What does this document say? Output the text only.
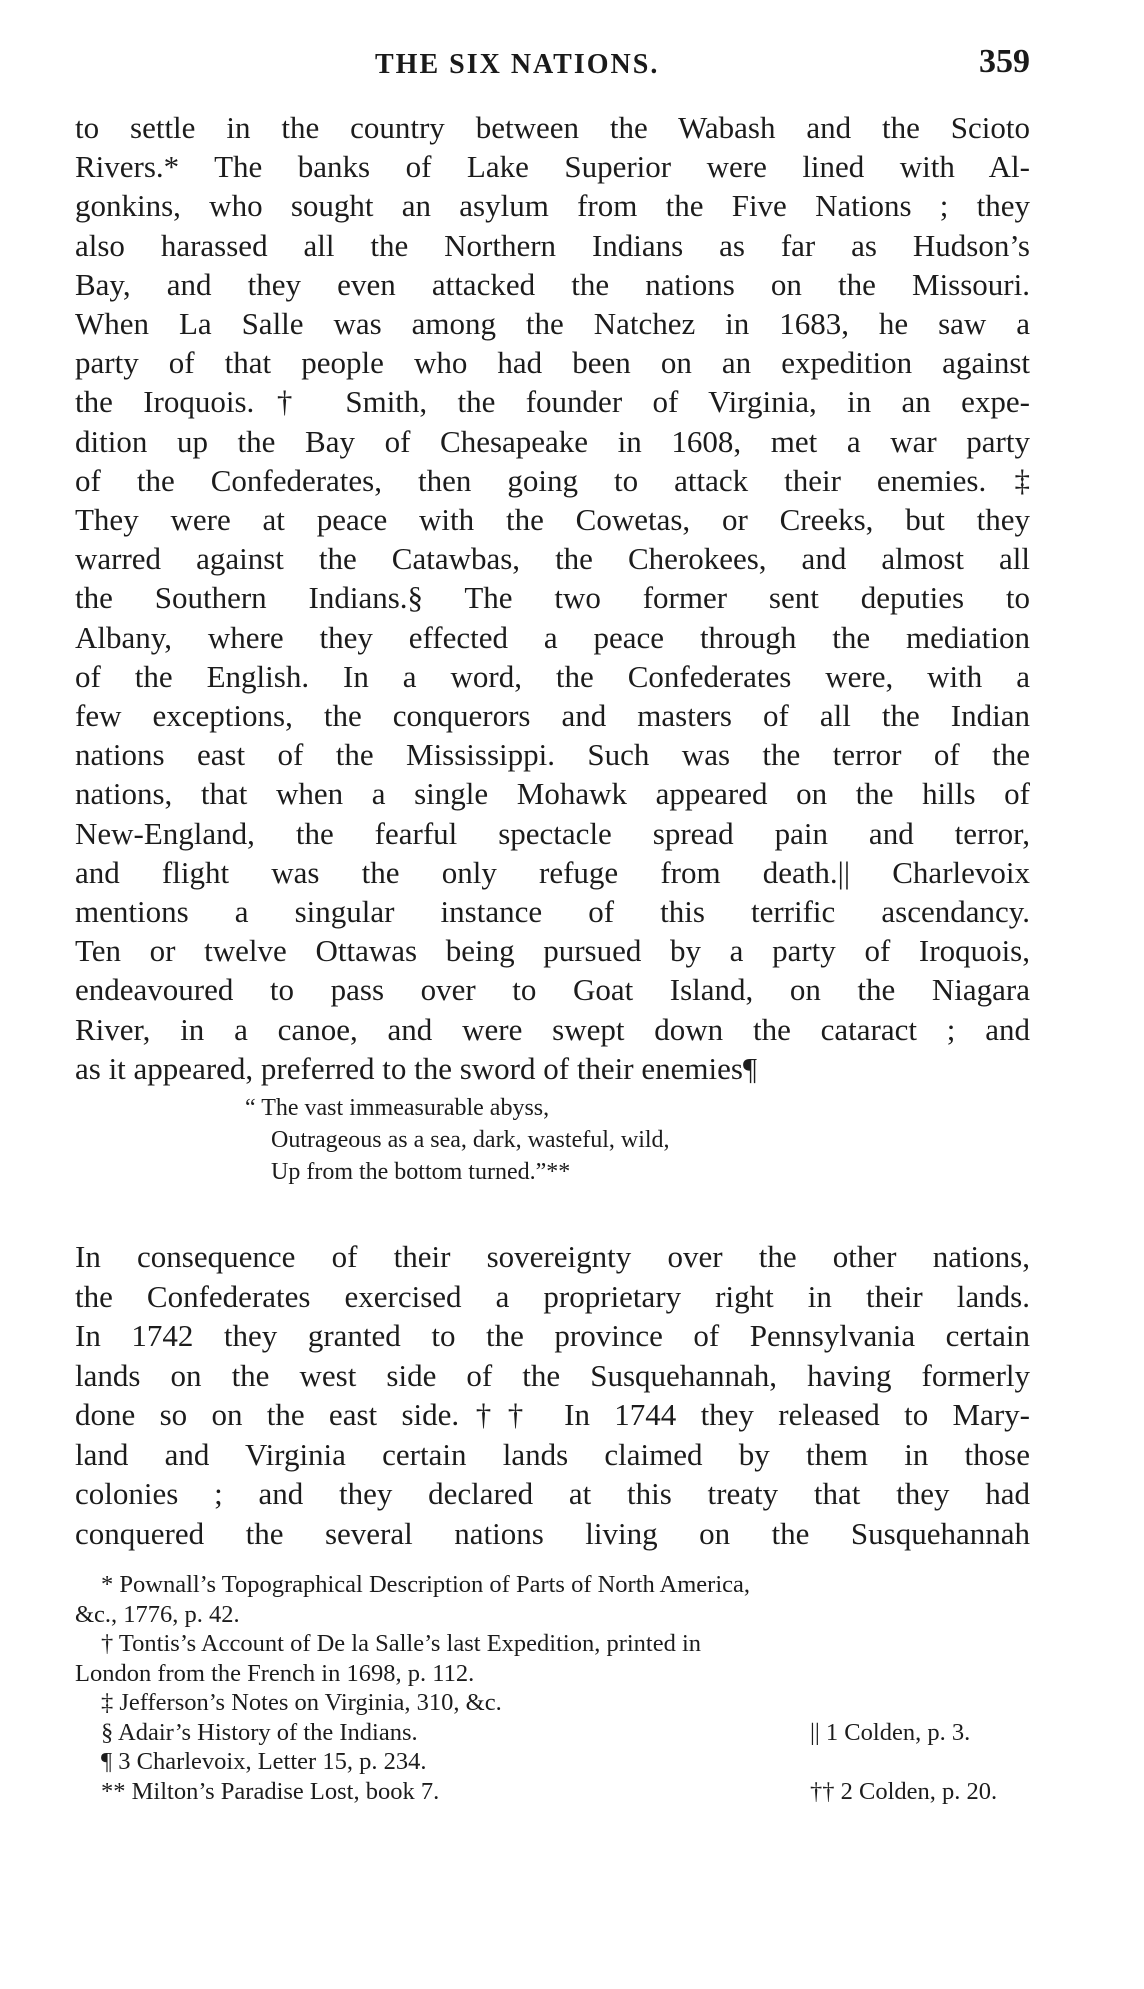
THE SIX NATIONS.	359
to settle in the country between the Wabash and the Scioto
Rivers.* The banks of Lake Superior were lined with Al-
gonkins, who sought an asylum from the Five Nations ; they
also harassed all the Northern Indians as far as Hudson’s
Bay, and they even attacked the nations on the Missouri.
When La Salle was among the Natchez in 1683, he saw a
party of that people who had been on an expedition against
the Iroquois.† Smith, the founder of Virginia, in an expe-
dition up the Bay of Chesapeake in 1608, met a war party
of the Confederates, then going to attack their enemies.‡
They were at peace with the Cowetas, or Creeks, but they
warred against the Catawbas, the Cherokees, and almost all
the Southern Indians.§ The two former sent deputies to
Albany, where they effected a peace through the mediation
of the English. In a word, the Confederates were, with a
few exceptions, the conquerors and masters of all the Indian
nations east of the Mississippi. Such was the terror of the
nations, that when a single Mohawk appeared on the hills of
New-England, the fearful spectacle spread pain and terror,
and flight was the only refuge from death.|| Charlevoix
mentions a singular instance of this terrific ascendancy.
Ten or twelve Ottawas being pursued by a party of Iroquois,
endeavoured to pass over to Goat Island, on the Niagara
River, in a canoe, and were swept down the cataract ; and
as it appeared, preferred to the sword of their enemies¶
“ The vast immeasurable abyss,
Outrageous as a sea, dark, wasteful, wild,
Up from the bottom turned.”**
In consequence of their sovereignty over the other nations,
the Confederates exercised a proprietary right in their lands.
In 1742 they granted to the province of Pennsylvania certain
lands on the west side of the Susquehannah, having formerly
done so on the east side.†† In 1744 they released to Mary-
land and Virginia certain lands claimed by them in those
colonies ; and they declared at this treaty that they had
conquered the several nations living on the Susquehannah
* Pownall’s Topographical Description of Parts of North America,
&c., 1776, p. 42.
† Tontis’s Account of De la Salle’s last Expedition, printed in
London from the French in 1698, p. 112.
‡ Jefferson’s Notes on Virginia, 310, &c.
§ Adair’s History of the Indians.	|| 1 Colden, p. 3.
¶ 3 Charlevoix, Letter 15, p. 234.
** Milton’s Paradise Lost, book 7.	†† 2 Colden, p. 20.
